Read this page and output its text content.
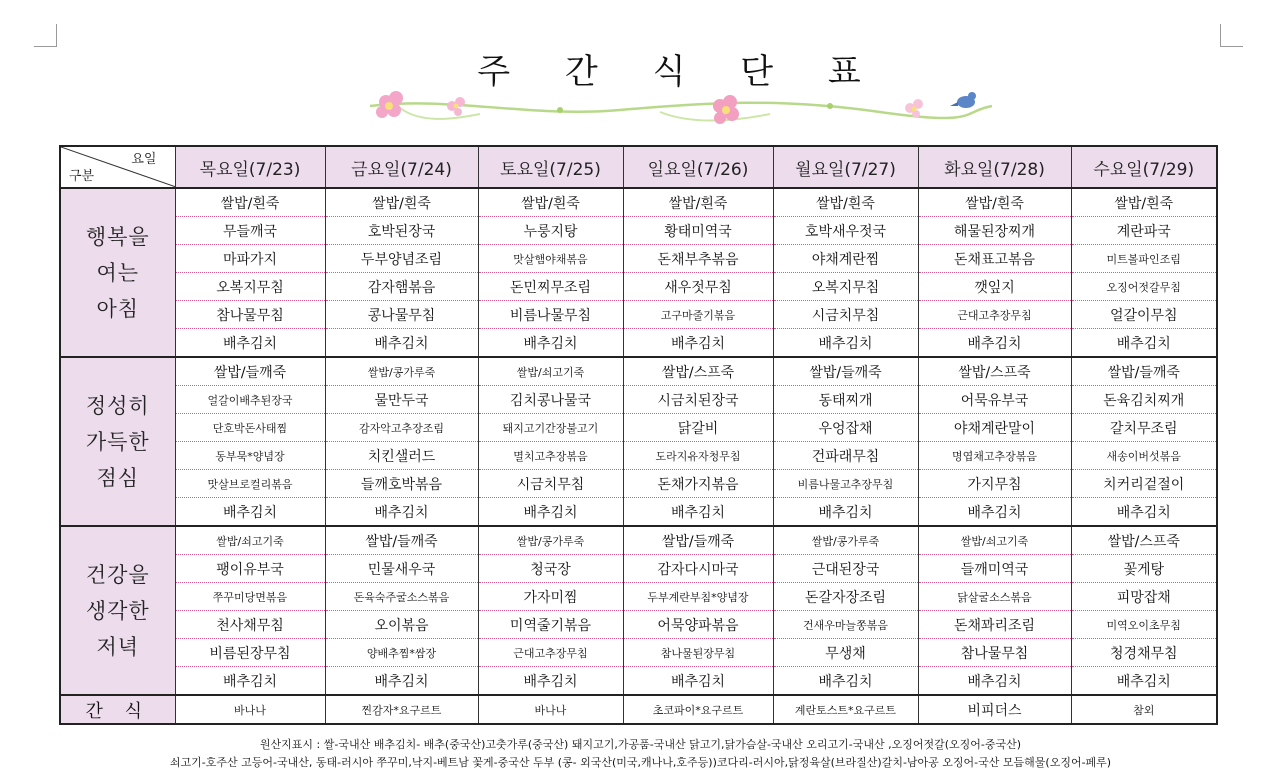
주 간 식 단 표
요일
구분	목요일(7/23)	금요일(7/24)	토요일(7/25)	일요일(7/26)	월요일(7/27)	화요일(7/28)	수요일(7/29)

행복을
여는
아침	쌀밥/흰죽	쌀밥/흰죽	쌀밥/흰죽	쌀밥/흰죽	쌀밥/흰죽	쌀밥/흰죽	쌀밥/흰죽
	무들깨국	호박된장국	누룽지탕	황태미역국	호박새우젓국	해물된장찌개	계란파국
	마파가지	두부양념조림	맛살햄야채볶음	돈채부추볶음	야채계란찜	돈채표고볶음	미트볼파인조림
	오복지무침	감자햄볶음	돈민찌무조림	새우젓무침	오복지무침	깻잎지	오징어젓갈무침
	참나물무침	콩나물무침	비름나물무침	고구마줄기볶음	시금치무침	근대고추장무침	얼갈이무침
	배추김치	배추김치	배추김치	배추김치	배추김치	배추김치	배추김치

정성히
가득한
점심	쌀밥/들깨죽	쌀밥/콩가루죽	쌀밥/쇠고기죽	쌀밥/스프죽	쌀밥/들깨죽	쌀밥/스프죽	쌀밥/들깨죽
	얼갈이배추된장국	물만두국	김치콩나물국	시금치된장국	동태찌개	어묵유부국	돈육김치찌개
	단호박돈사태찜	감자악고추장조림	돼지고기간장불고기	닭갈비	우엉잡채	야채계란말이	갈치무조림
	동부묵*양념장	치킨샐러드	멸치고추장볶음	도라지유자청무침	건파래무침	명엽채고추장볶음	새송이버섯볶음
	맛살브로컬리볶음	들깨호박볶음	시금치무침	돈채가지볶음	비름나물고추장무침	가지무침	치커리겉절이
	배추김치	배추김치	배추김치	배추김치	배추김치	배추김치	배추김치

건강을
생각한
저녁	쌀밥/쇠고기죽	쌀밥/들깨죽	쌀밥/콩가루죽	쌀밥/들깨죽	쌀밥/콩가루죽	쌀밥/쇠고기죽	쌀밥/스프죽
	팽이유부국	민물새우국	청국장	감자다시마국	근대된장국	들깨미역국	꽃게탕
	쭈꾸미당면볶음	돈육숙주굴소스볶음	가자미찜	두부계란부침*양념장	돈갈자장조림	닭살굴소스볶음	피망잡채
	천사채무침	오이볶음	미역줄기볶음	어묵양파볶음	건새우마늘쫑볶음	돈채꽈리조림	미역오이초무침
	비름된장무침	양배추찜*쌈장	근대고추장무침	참나물된장무침	무생채	참나물무침	청경채무침
	배추김치	배추김치	배추김치	배추김치	배추김치	배추김치	배추김치
간 식	바나나	찐감자*요구르트	바나나	초코파이*요구르트	계란토스트*요구르트	비피더스	참외
원산지표시 : 쌀-국내산 배추김치- 배추(중국산)고춧가루(중국산) 돼지고기,가공품-국내산 닭고기,닭가슴살-국내산 오리고기-국내산 ,오징어젓갈(오징어-중국산)
쇠고기-호주산 고등어-국내산, 동태-러시아 쭈꾸미,낙지-베트남 꽃게-중국산 두부 (콩- 외국산(미국,캐나나,호주등))코다리-러시아,닭정육살(브라질산)갈치-남아공 오징어-국산 모듬해물(오징어-페루)
